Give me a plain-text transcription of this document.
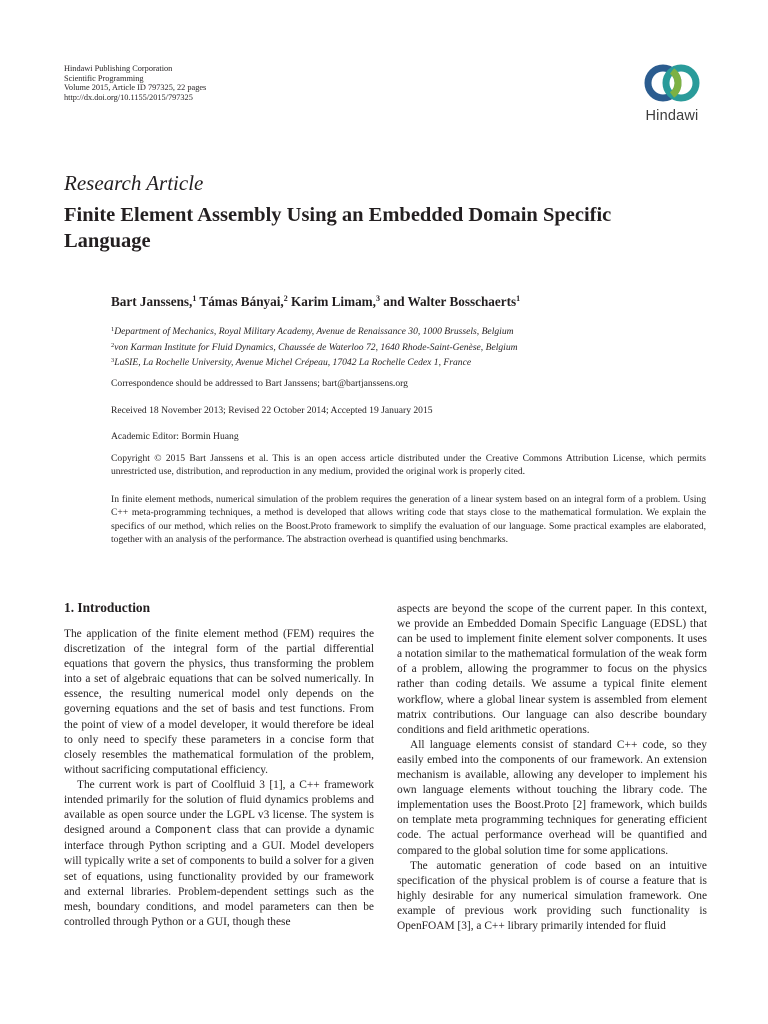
Hindawi Publishing Corporation
Scientific Programming
Volume 2015, Article ID 797325, 22 pages
http://dx.doi.org/10.1155/2015/797325
Hindawi
Research Article
Finite Element Assembly Using an Embedded Domain Specific Language
Bart Janssens,$^1$ Támas Bányai,$^2$ Karim Limam,$^3$ and Walter Bosschaerts$^1$
$^1$Department of Mechanics, Royal Military Academy, Avenue de Renaissance 30, 1000 Brussels, Belgium
$^2$von Karman Institute for Fluid Dynamics, Chaussée de Waterloo 72, 1640 Rhode-Saint-Genèse, Belgium
$^3$LaSIE, La Rochelle University, Avenue Michel Crépeau, 17042 La Rochelle Cedex 1, France
Correspondence should be addressed to Bart Janssens; bart@bartjanssens.org
Received 18 November 2013; Revised 22 October 2014; Accepted 19 January 2015
Academic Editor: Bormin Huang
Copyright © 2015 Bart Janssens et al. This is an open access article distributed under the Creative Commons Attribution License, which permits unrestricted use, distribution, and reproduction in any medium, provided the original work is properly cited.
In finite element methods, numerical simulation of the problem requires the generation of a linear system based on an integral form of a problem. Using C++ meta-programming techniques, a method is developed that allows writing code that stays close to the mathematical formulation. We explain the specifics of our method, which relies on the Boost.Proto framework to simplify the evaluation of our language. Some practical examples are elaborated, together with an analysis of the performance. The abstraction overhead is quantified using benchmarks.
1. Introduction

The application of the finite element method (FEM) requires the discretization of the integral form of the partial differential equations that govern the physics, thus transforming the problem into a set of algebraic equations that can be solved numerically. In essence, the resulting numerical model only depends on the governing equations and the set of basis and test functions. From the point of view of a model developer, it would therefore be ideal to only need to specify these parameters in a concise form that closely resembles the mathematical formulation of the problem, without sacrificing computational efficiency.

The current work is part of Coolfluid 3 [1], a C++ framework intended primarily for the solution of fluid dynamics problems and available as open source under the LGPL v3 license. The system is designed around a Component class that can provide a dynamic interface through Python scripting and a GUI. Model developers will typically write a set of components to build a solver for a given set of equations, using functionality provided by our framework and external libraries. Problem-dependent settings such as the mesh, boundary conditions, and model parameters can then be controlled through Python or a GUI, though these

aspects are beyond the scope of the current paper. In this context, we provide an Embedded Domain Specific Language (EDSL) that can be used to implement finite element solver components. It uses a notation similar to the mathematical formulation of the weak form of a problem, allowing the programmer to focus on the physics rather than coding details. We assume a typical finite element workflow, where a global linear system is assembled from element matrix contributions. Our language can also describe boundary conditions and field arithmetic operations.

All language elements consist of standard C++ code, so they easily embed into the components of our framework. An extension mechanism is available, allowing any developer to implement his own language elements without touching the library code. The implementation uses the Boost.Proto [2] framework, which builds on template meta programming techniques for generating efficient code. The actual performance overhead will be quantified and compared to the global solution time for some applications.

The automatic generation of code based on an intuitive specification of the physical problem is of course a feature that is highly desirable for any numerical simulation framework. One example of previous work providing such functionality is OpenFOAM [3], a C++ library primarily intended for fluid
